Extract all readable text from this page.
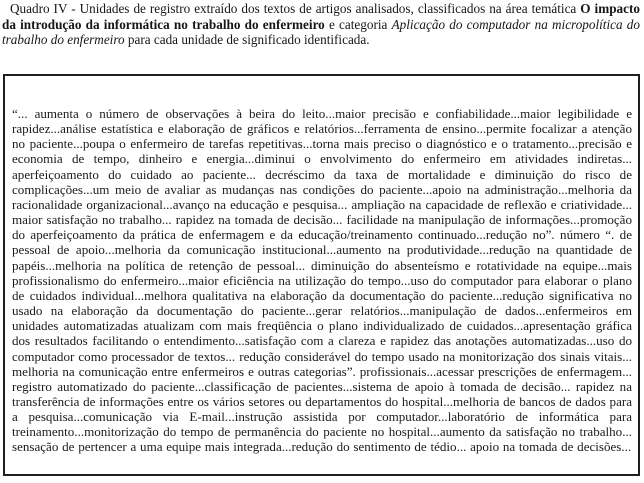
Quadro IV - Unidades de registro extraído dos textos de artigos analisados, classificados na área temática O impacto da introdução da informática no trabalho do enfermeiro e categoria Aplicação do computador na micropolítica do trabalho do enfermeiro para cada unidade de significado identificada.

“... aumenta o número de observações à beira do leito...maior precisão e confiabilidade...maior legibilidade e rapidez...análise estatística e elaboração de gráficos e relatórios...ferramenta de ensino...permite focalizar a atenção no paciente...poupa o enfermeiro de tarefas repetitivas...torna mais preciso o diagnóstico e o tratamento...precisão e economia de tempo, dinheiro e energia...diminui o envolvimento do enfermeiro em atividades indiretas... aperfeiçoamento do cuidado ao paciente... decréscimo da taxa de mortalidade e diminuição do risco de complicações...um meio de avaliar as mudanças nas condições do paciente...apoio na administração...melhoria da racionalidade organizacional...avanço na educação e pesquisa... ampliação na capacidade de reflexão e criatividade... maior satisfação no trabalho... rapidez na tomada de decisão... facilidade na manipulação de informações...promoção do aperfeiçoamento da prática de enfermagem e da educação/treinamento continuado...redução no”. número “. de pessoal de apoio...melhoria da comunicação institucional...aumento na produtividade...redução na quantidade de papéis...melhoria na política de retenção de pessoal... diminuição do absenteísmo e rotatividade na equipe...mais profissionalismo do enfermeiro...maior eficiência na utilização do tempo...uso do computador para elaborar o plano de cuidados individual...melhora qualitativa na elaboração da documentação do paciente...redução significativa no usado na elaboração da documentação do paciente...gerar relatórios...manipulação de dados...enfermeiros em unidades automatizadas atualizam com mais freqüência o plano individualizado de cuidados...apresentação gráfica dos resultados facilitando o entendimento...satisfação com a clareza e rapidez das anotações automatizadas...uso do computador como processador de textos... redução considerável do tempo usado na monitorização dos sinais vitais... melhoria na comunicação entre enfermeiros e outras categorias”. profissionais...acessar prescrições de enfermagem... registro automatizado do paciente...classificação de pacientes...sistema de apoio à tomada de decisão... rapidez na transferência de informações entre os vários setores ou departamentos do hospital...melhoria de bancos de dados para a pesquisa...comunicação via E-mail...instrução assistida por computador...laboratório de informática para treinamento...monitorização do tempo de permanência do paciente no hospital...aumento da satisfação no trabalho... sensação de pertencer a uma equipe mais integrada...redução do sentimento de tédio... apoio na tomada de decisões...
